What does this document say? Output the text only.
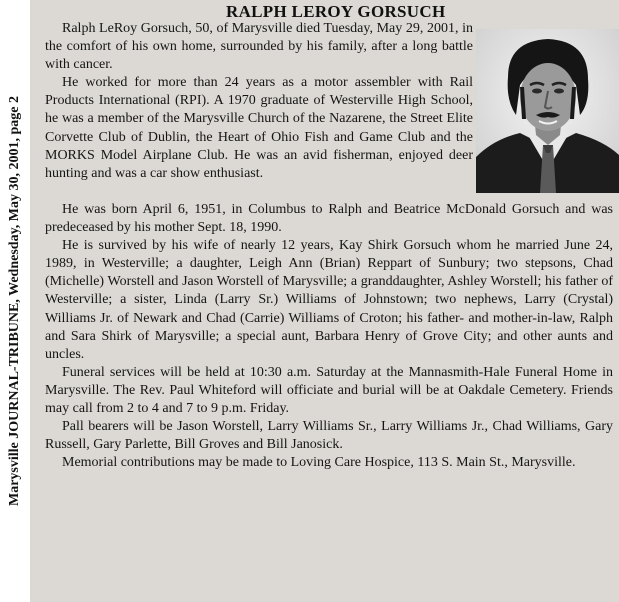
Marysville JOURNAL-TRIBUNE, Wednesday, May 30, 2001, page 2
RALPH LEROY GORSUCH

Ralph LeRoy Gorsuch, 50, of Marysville died Tuesday, May 29, 2001, in the comfort of his own home, surrounded by his family, after a long battle with cancer.

He worked for more than 24 years as a motor assembler with Rail Products International (RPI). A 1970 graduate of Westerville High School, he was a member of the Marysville Church of the Nazarene, the Street Elite Corvette Club of Dublin, the Heart of Ohio Fish and Game Club and the MORKS Model Airplane Club. He was an avid fisherman, enjoyed deer hunting and was a car show enthusiast.

He was born April 6, 1951, in Columbus to Ralph and Beatrice McDonald Gorsuch and was predeceased by his mother Sept. 18, 1990.

He is survived by his wife of nearly 12 years, Kay Shirk Gorsuch whom he married June 24, 1989, in Westerville; a daughter, Leigh Ann (Brian) Reppart of Sunbury; two stepsons, Chad (Michelle) Worstell and Jason Worstell of Marysville; a granddaughter, Ashley Worstell; his father of Westerville; a sister, Linda (Larry Sr.) Williams of Johnstown; two nephews, Larry (Crystal) Williams Jr. of Newark and Chad (Carrie) Williams of Croton; his father- and mother-in-law, Ralph and Sara Shirk of Marysville; a special aunt, Barbara Henry of Grove City; and other aunts and uncles.

Funeral services will be held at 10:30 a.m. Saturday at the Mannasmith-Hale Funeral Home in Marysville. The Rev. Paul Whiteford will officiate and burial will be at Oakdale Cemetery. Friends may call from 2 to 4 and 7 to 9 p.m. Friday.

Pall bearers will be Jason Worstell, Larry Williams Sr., Larry Williams Jr., Chad Williams, Gary Russell, Gary Parlette, Bill Groves and Bill Janosick.

Memorial contributions may be made to Loving Care Hospice, 113 S. Main St., Marysville.
